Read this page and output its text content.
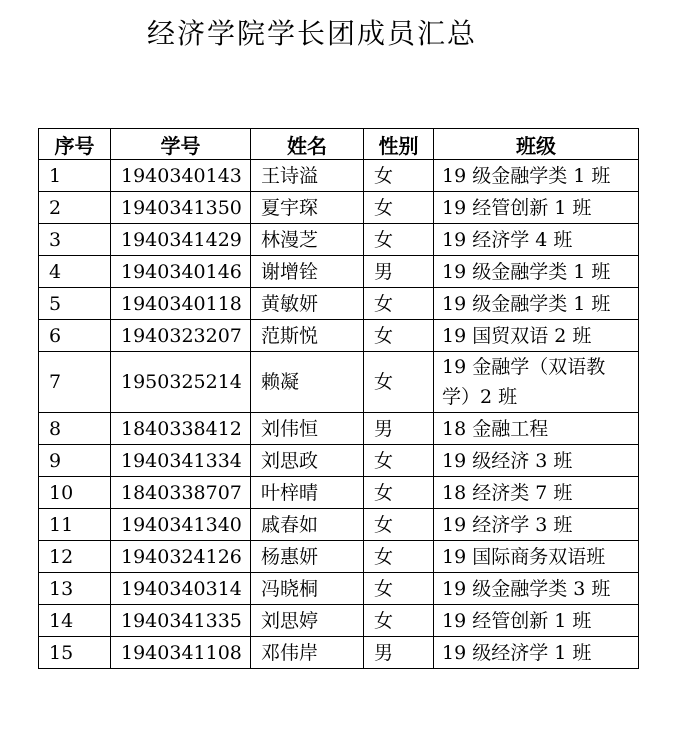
经济学院学长团成员汇总
序号	学号	姓名	性别	班级
1	1940340143	王诗溢	女	19 级金融学类 1 班
2	1940341350	夏宇琛	女	19 经管创新 1 班
3	1940341429	林漫芝	女	19 经济学 4 班
4	1940340146	谢增铨	男	19 级金融学类 1 班
5	1940340118	黄敏妍	女	19 级金融学类 1 班
6	1940323207	范斯悦	女	19 国贸双语 2 班
7	1950325214	赖凝	女	19 金融学（双语教学）2 班
8	1840338412	刘伟恒	男	18 金融工程
9	1940341334	刘思政	女	19 级经济 3 班
10	1840338707	叶梓晴	女	18 经济类 7 班
11	1940341340	戚春如	女	19 经济学 3 班
12	1940324126	杨惠妍	女	19 国际商务双语班
13	1940340314	冯晓桐	女	19 级金融学类 3 班
14	1940341335	刘思婷	女	19 经管创新 1 班
15	1940341108	邓伟岸	男	19 级经济学 1 班
